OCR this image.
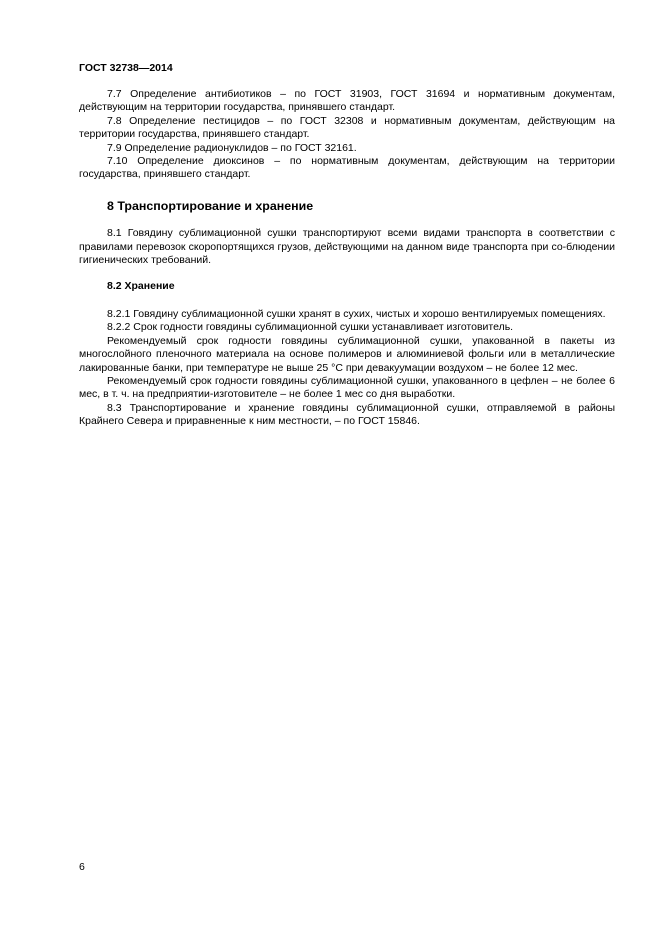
ГОСТ 32738—2014

7.7 Определение антибиотиков – по ГОСТ 31903, ГОСТ 31694 и нормативным документам, действующим на территории государства, принявшего стандарт.

7.8 Определение пестицидов – по ГОСТ 32308 и нормативным документам, действующим на территории государства, принявшего стандарт.

7.9 Определение радионуклидов – по ГОСТ 32161.

7.10 Определение диоксинов – по нормативным документам, действующим на территории государства, принявшего стандарт.

8 Транспортирование и хранение

8.1 Говядину сублимационной сушки транспортируют всеми видами транспорта в соответствии с правилами перевозок скоропортящихся грузов, действующими на данном виде транспорта при со-блюдении гигиенических требований.

8.2 Хранение

8.2.1 Говядину сублимационной сушки хранят в сухих, чистых и хорошо вентилируемых помещениях.

8.2.2 Срок годности говядины сублимационной сушки устанавливает изготовитель.

Рекомендуемый срок годности говядины сублимационной сушки, упакованной в пакеты из многослойного пленочного материала на основе полимеров и алюминиевой фольги или в металлические лакированные банки, при температуре не выше 25 °С при девакуумации воздухом – не более 12 мес.

Рекомендуемый срок годности говядины сублимационной сушки, упакованного в цефлен – не более 6 мес, в т. ч. на предприятии-изготовителе – не более 1 мес со дня выработки.

8.3 Транспортирование и хранение говядины сублимационной сушки, отправляемой в районы Крайнего Севера и приравненные к ним местности, – по ГОСТ 15846.

6
